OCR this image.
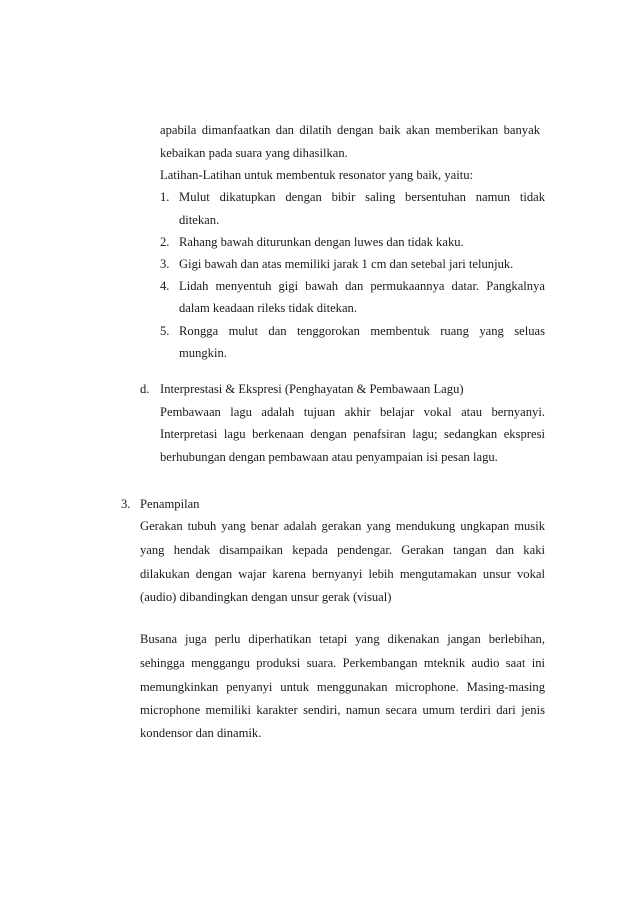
apabila dimanfaatkan dan dilatih dengan baik akan memberikan banyak
kebaikan pada suara yang dihasilkan.
Latihan-Latihan untuk membentuk resonator yang baik, yaitu:
1. Mulut dikatupkan dengan bibir saling bersentuhan namun tidak
ditekan.
2. Rahang bawah diturunkan dengan luwes dan tidak kaku.
3. Gigi bawah dan atas memiliki jarak 1 cm dan setebal jari telunjuk.
4. Lidah menyentuh gigi bawah dan permukaannya datar. Pangkalnya
dalam keadaan rileks tidak ditekan.
5. Rongga mulut dan tenggorokan membentuk ruang yang seluas
mungkin.
d. Interprestasi & Ekspresi (Penghayatan & Pembawaan Lagu)
Pembawaan lagu adalah tujuan akhir belajar vokal atau bernyanyi.
Interpretasi lagu berkenaan dengan penafsiran lagu; sedangkan ekspresi
berhubungan dengan pembawaan atau penyampaian isi pesan lagu.
3. Penampilan
Gerakan tubuh yang benar adalah gerakan yang mendukung ungkapan musik
yang hendak disampaikan kepada pendengar. Gerakan tangan dan kaki
dilakukan dengan wajar karena bernyanyi lebih mengutamakan unsur vokal
(audio) dibandingkan dengan unsur gerak (visual)
Busana juga perlu diperhatikan tetapi yang dikenakan jangan berlebihan,
sehingga menggangu produksi suara. Perkembangan mteknik audio saat ini
memungkinkan penyanyi untuk menggunakan microphone. Masing-masing
microphone memiliki karakter sendiri, namun secara umum terdiri dari jenis
kondensor dan dinamik.
